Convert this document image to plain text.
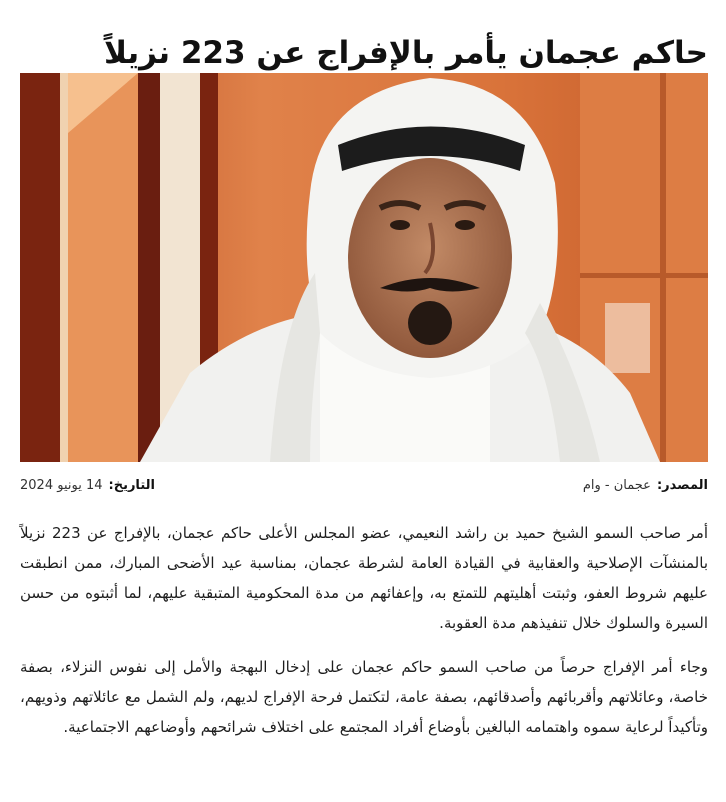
حاكم عجمان يأمر بالإفراج عن 223 نزيلاً
المصدر:
عجمان - وام
التاريخ:
14 يونيو 2024

أمر صاحب السمو الشيخ حميد بن راشد النعيمي، عضو المجلس الأعلى حاكم عجمان، بالإفراج عن 223 نزيلاً بالمنشآت الإصلاحية والعقابية في القيادة العامة لشرطة عجمان، بمناسبة عيد الأضحى المبارك، ممن انطبقت عليهم شروط العفو، وثبتت أهليتهم للتمتع به، وإعفائهم من مدة المحكومية المتبقية عليهم، لما أثبتوه من حسن السيرة والسلوك خلال تنفيذهم مدة العقوبة.

وجاء أمر الإفراج حرصاً من صاحب السمو حاكم عجمان على إدخال البهجة والأمل إلى نفوس النزلاء، بصفة خاصة، وعائلاتهم وأقربائهم وأصدقائهم، بصفة عامة، لتكتمل فرحة الإفراج لديهم، ولم الشمل مع عائلاتهم وذويهم، وتأكيداً لرعاية سموه واهتمامه البالغين بأوضاع أفراد المجتمع على اختلاف شرائحهم وأوضاعهم الاجتماعية.
